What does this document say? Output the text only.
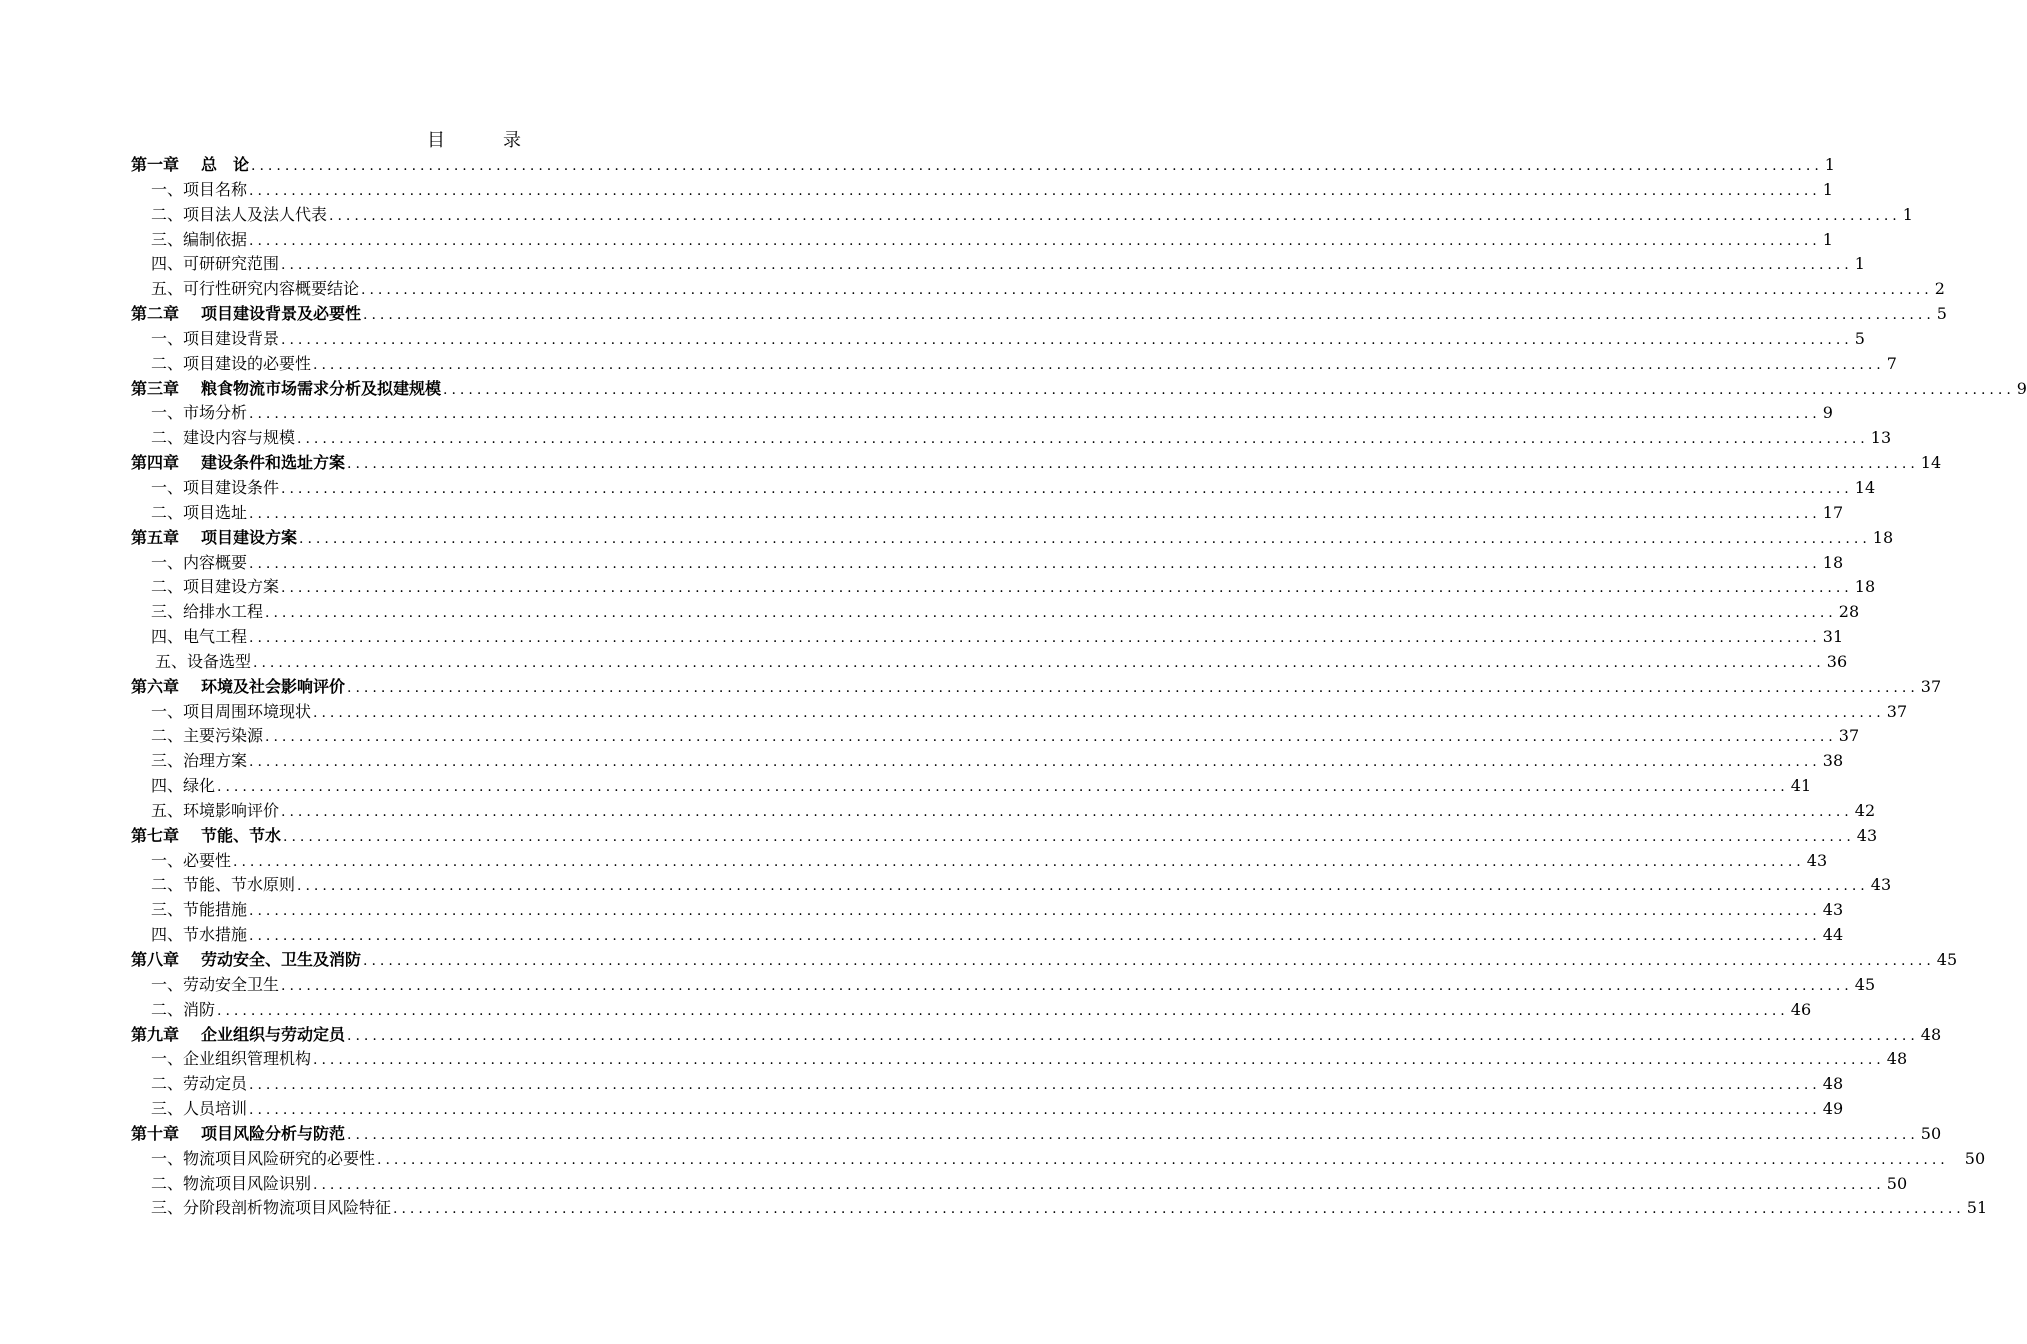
目	录
第一章 总　论 .....	1
一、项目名称 .....	1
二、项目法人及法人代表 .....	1
三、编制依据 .....	1
四、可研研究范围 .....	1
五、可行性研究内容概要结论 .....	2
第二章 项目建设背景及必要性 .....	5
一、项目建设背景 .....	5
二、项目建设的必要性 .....	7
第三章 粮食物流市场需求分析及拟建规模 .....	9
一、市场分析 .....	9
二、建设内容与规模 .....	13
第四章 建设条件和选址方案 .....	14
一、项目建设条件 .....	14
二、项目选址 .....	17
第五章 项目建设方案 .....	18
一、内容概要 .....	18
二、项目建设方案 .....	18
三、给排水工程 .....	28
四、电气工程 .....	31
五、设备选型 .....	36
第六章 环境及社会影响评价 .....	37
一、项目周围环境现状 .....	37
二、主要污染源 .....	37
三、治理方案 .....	38
四、绿化 .....	41
五、环境影响评价 .....	42
第七章 节能、节水 .....	43
一、必要性 .....	43
二、节能、节水原则 .....	43
三、节能措施 .....	43
四、节水措施 .....	44
第八章 劳动安全、卫生及消防 .....	45
一、劳动安全卫生 .....	45
二、消防 .....	46
第九章 企业组织与劳动定员 .....	48
一、企业组织管理机构 .....	48
二、劳动定员 .....	48
三、人员培训 .....	49
第十章 项目风险分析与防范 .....	50
一、物流项目风险研究的必要性 .....	50
二、物流项目风险识别 .....	50
三、分阶段剖析物流项目风险特征 .....	51
